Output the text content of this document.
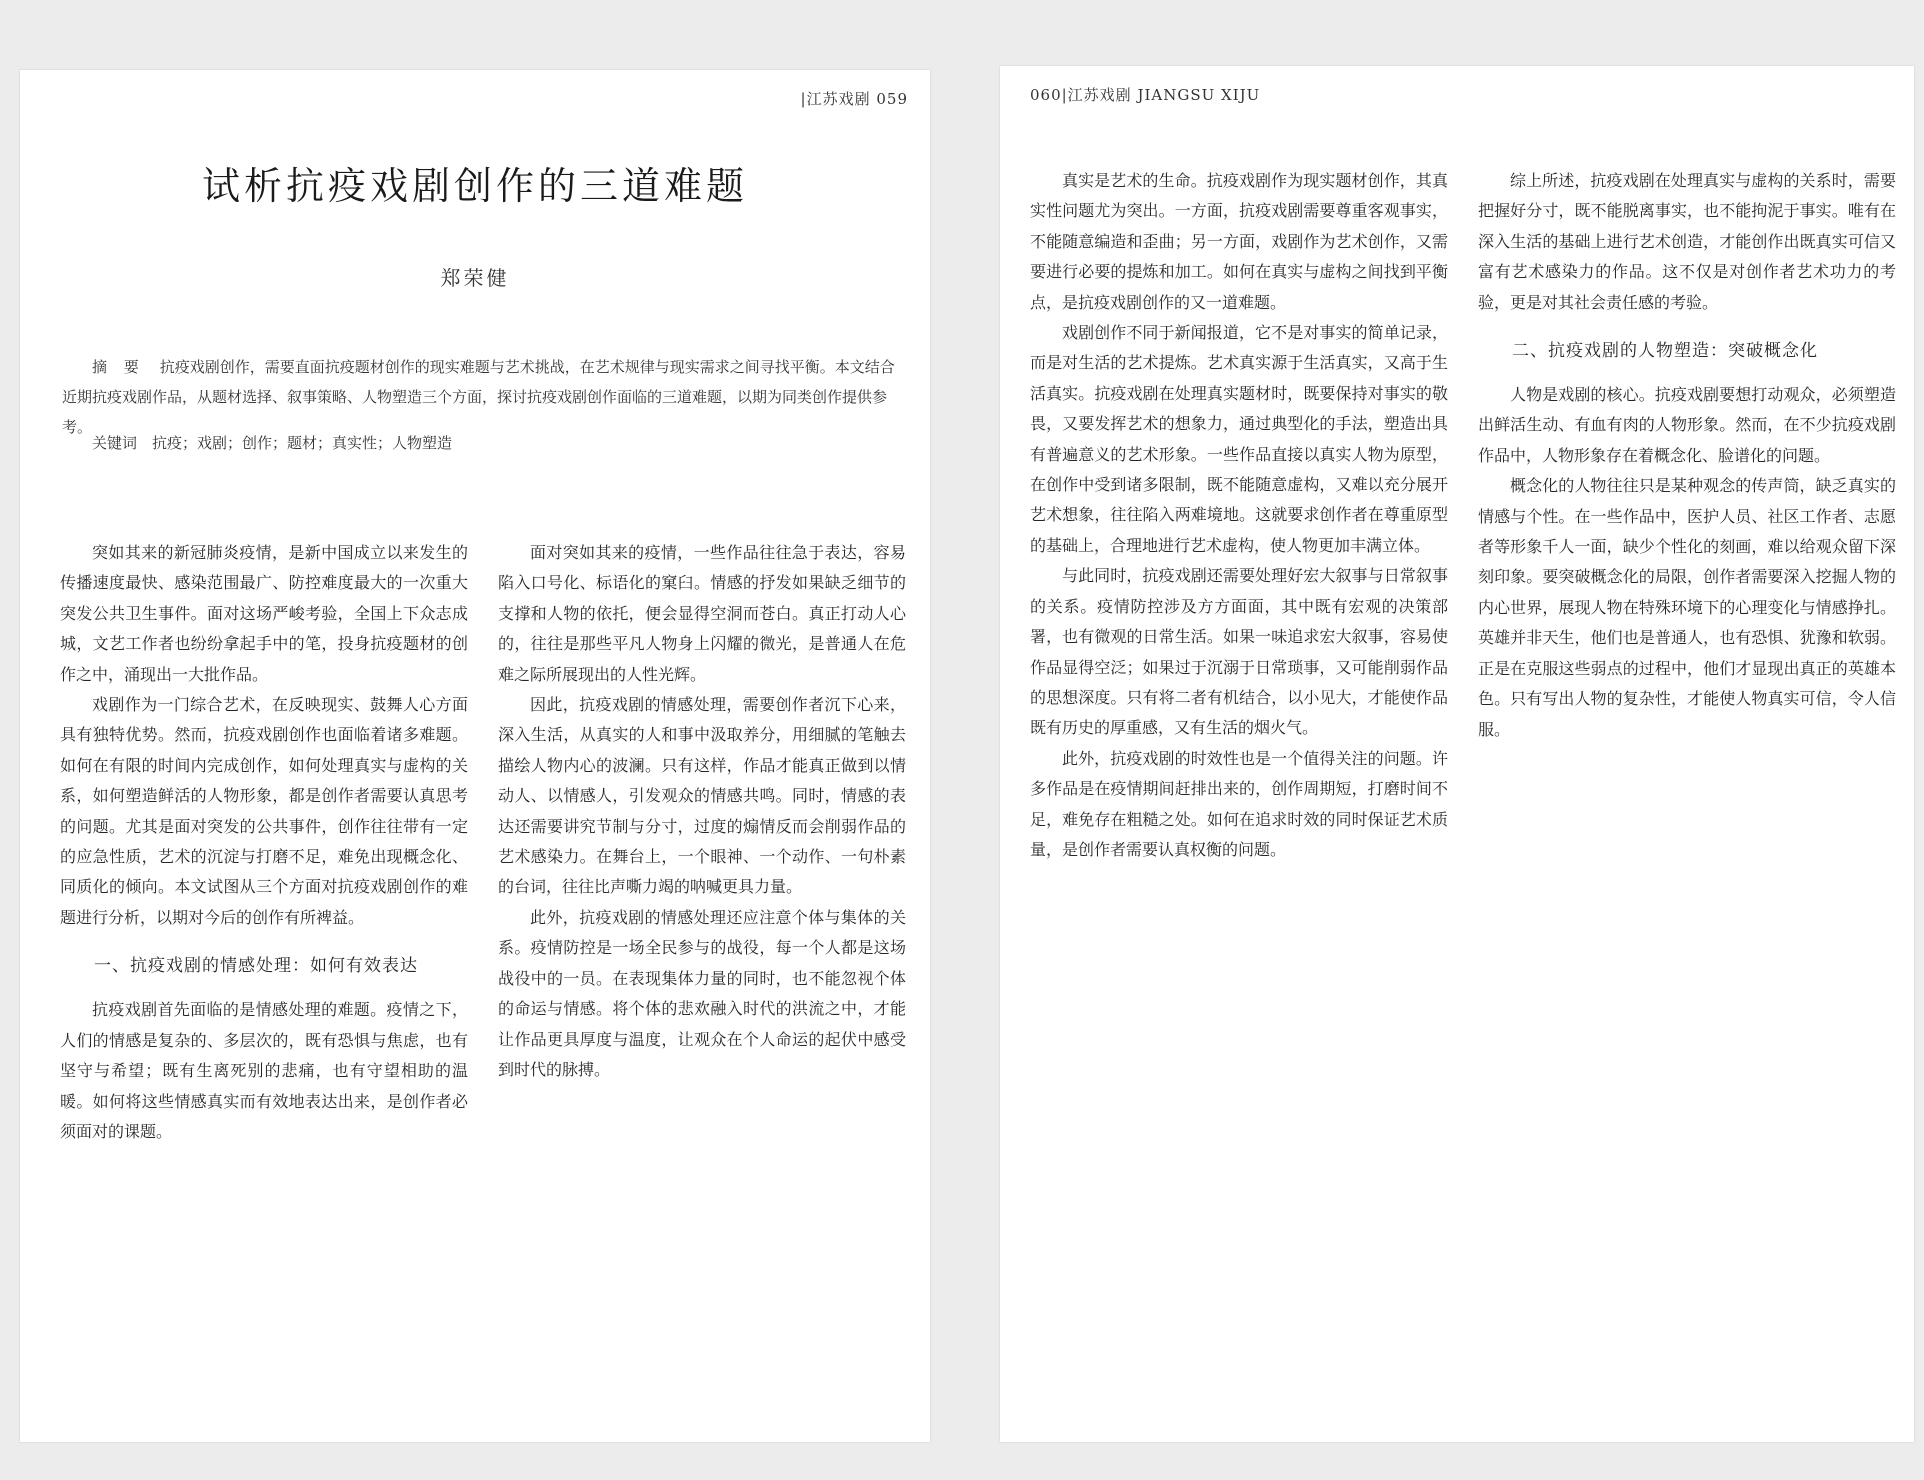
|江苏戏剧 059
试析抗疫戏剧创作的三道难题
郑荣健
摘 要　 抗疫戏剧创作，需要直面抗疫题材创作的现实难题与艺术挑战，在艺术规律与现实需求之间寻找平衡。本文结合近期抗疫戏剧作品，从题材选择、叙事策略、人物塑造三个方面，探讨抗疫戏剧创作面临的三道难题，以期为同类创作提供参考。
关键词　 抗疫；戏剧；创作；题材；真实性；人物塑造

突如其来的新冠肺炎疫情，是新中国成立以来发生的传播速度最快、感染范围最广、防控难度最大的一次重大突发公共卫生事件。面对这场严峻考验，全国上下众志成城，文艺工作者也纷纷拿起手中的笔，投身抗疫题材的创作之中，涌现出一大批作品。

戏剧作为一门综合艺术，在反映现实、鼓舞人心方面具有独特优势。然而，抗疫戏剧创作也面临着诸多难题。如何在有限的时间内完成创作，如何处理真实与虚构的关系，如何塑造鲜活的人物形象，都是创作者需要认真思考的问题。尤其是面对突发的公共事件，创作往往带有一定的应急性质，艺术的沉淀与打磨不足，难免出现概念化、同质化的倾向。本文试图从三个方面对抗疫戏剧创作的难题进行分析，以期对今后的创作有所裨益。

一、抗疫戏剧的情感处理：如何有效表达

抗疫戏剧首先面临的是情感处理的难题。疫情之下，人们的情感是复杂的、多层次的，既有恐惧与焦虑，也有坚守与希望；既有生离死别的悲痛，也有守望相助的温暖。如何将这些情感真实而有效地表达出来，是创作者必须面对的课题。

面对突如其来的疫情，一些作品往往急于表达，容易陷入口号化、标语化的窠臼。情感的抒发如果缺乏细节的支撑和人物的依托，便会显得空洞而苍白。真正打动人心的，往往是那些平凡人物身上闪耀的微光，是普通人在危难之际所展现出的人性光辉。

因此，抗疫戏剧的情感处理，需要创作者沉下心来，深入生活，从真实的人和事中汲取养分，用细腻的笔触去描绘人物内心的波澜。只有这样，作品才能真正做到以情动人、以情感人，引发观众的情感共鸣。同时，情感的表达还需要讲究节制与分寸，过度的煽情反而会削弱作品的艺术感染力。在舞台上，一个眼神、一个动作、一句朴素的台词，往往比声嘶力竭的呐喊更具力量。

此外，抗疫戏剧的情感处理还应注意个体与集体的关系。疫情防控是一场全民参与的战役，每一个人都是这场战役中的一员。在表现集体力量的同时，也不能忽视个体的命运与情感。将个体的悲欢融入时代的洪流之中，才能让作品更具厚度与温度，让观众在个人命运的起伏中感受到时代的脉搏。

060|江苏戏剧 JIANGSU XIJU

真实是艺术的生命。抗疫戏剧作为现实题材创作，其真实性问题尤为突出。一方面，抗疫戏剧需要尊重客观事实，不能随意编造和歪曲；另一方面，戏剧作为艺术创作，又需要进行必要的提炼和加工。如何在真实与虚构之间找到平衡点，是抗疫戏剧创作的又一道难题。

戏剧创作不同于新闻报道，它不是对事实的简单记录，而是对生活的艺术提炼。艺术真实源于生活真实，又高于生活真实。抗疫戏剧在处理真实题材时，既要保持对事实的敬畏，又要发挥艺术的想象力，通过典型化的手法，塑造出具有普遍意义的艺术形象。一些作品直接以真实人物为原型，在创作中受到诸多限制，既不能随意虚构，又难以充分展开艺术想象，往往陷入两难境地。这就要求创作者在尊重原型的基础上，合理地进行艺术虚构，使人物更加丰满立体。

与此同时，抗疫戏剧还需要处理好宏大叙事与日常叙事的关系。疫情防控涉及方方面面，其中既有宏观的决策部署，也有微观的日常生活。如果一味追求宏大叙事，容易使作品显得空泛；如果过于沉溺于日常琐事，又可能削弱作品的思想深度。只有将二者有机结合，以小见大，才能使作品既有历史的厚重感，又有生活的烟火气。

此外，抗疫戏剧的时效性也是一个值得关注的问题。许多作品是在疫情期间赶排出来的，创作周期短，打磨时间不足，难免存在粗糙之处。如何在追求时效的同时保证艺术质量，是创作者需要认真权衡的问题。

综上所述，抗疫戏剧在处理真实与虚构的关系时，需要把握好分寸，既不能脱离事实，也不能拘泥于事实。唯有在深入生活的基础上进行艺术创造，才能创作出既真实可信又富有艺术感染力的作品。这不仅是对创作者艺术功力的考验，更是对其社会责任感的考验。

二、抗疫戏剧的人物塑造：突破概念化

人物是戏剧的核心。抗疫戏剧要想打动观众，必须塑造出鲜活生动、有血有肉的人物形象。然而，在不少抗疫戏剧作品中，人物形象存在着概念化、脸谱化的问题。

概念化的人物往往只是某种观念的传声筒，缺乏真实的情感与个性。在一些作品中，医护人员、社区工作者、志愿者等形象千人一面，缺少个性化的刻画，难以给观众留下深刻印象。要突破概念化的局限，创作者需要深入挖掘人物的内心世界，展现人物在特殊环境下的心理变化与情感挣扎。英雄并非天生，他们也是普通人，也有恐惧、犹豫和软弱。正是在克服这些弱点的过程中，他们才显现出真正的英雄本色。只有写出人物的复杂性，才能使人物真实可信，令人信服。
